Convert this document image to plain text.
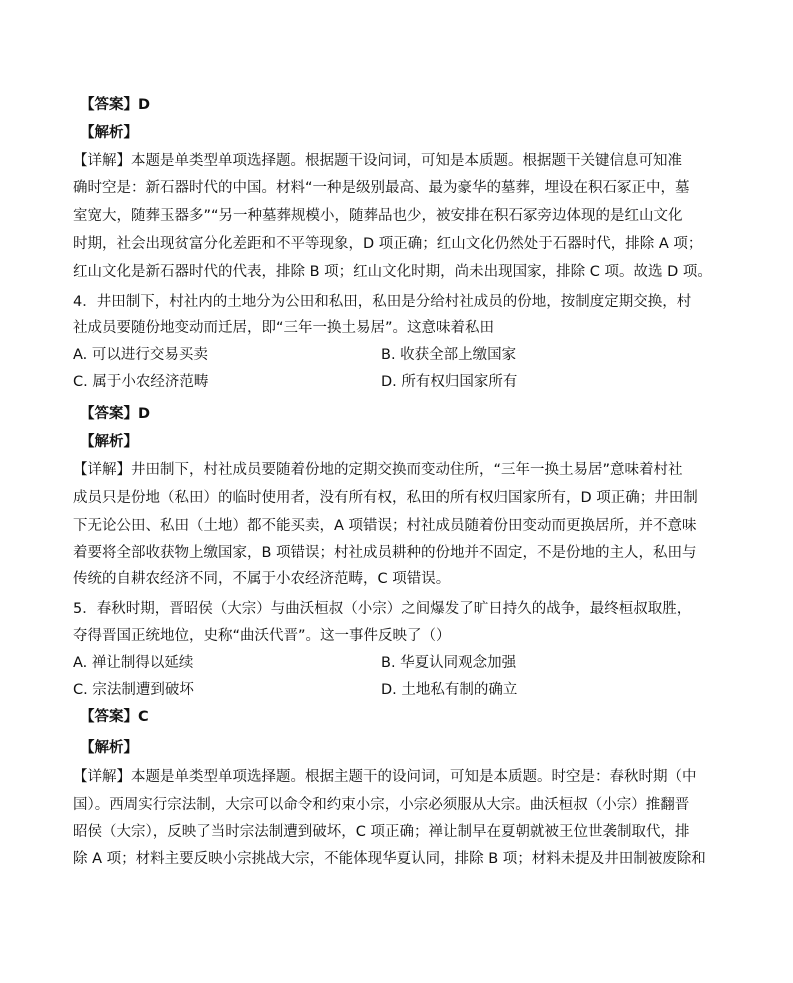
【答案】D
【解析】
【详解】本题是单类型单项选择题。根据题干设问词，可知是本质题。根据题干关键信息可知准
确时空是：新石器时代的中国。材料“一种是级别最高、最为豪华的墓葬，埋设在积石冢正中，墓
室宽大，随葬玉器多”“另一种墓葬规模小，随葬品也少，被安排在积石冢旁边体现的是红山文化
时期，社会出现贫富分化差距和不平等现象，D 项正确；红山文化仍然处于石器时代，排除 A 项；
红山文化是新石器时代的代表，排除 B 项；红山文化时期，尚未出现国家，排除 C 项。故选 D 项。
4．井田制下，村社内的土地分为公田和私田，私田是分给村社成员的份地，按制度定期交换，村
社成员要随份地变动而迁居，即“三年一换土易居”。这意味着私田
A. 可以进行交易买卖	B. 收获全部上缴国家
C. 属于小农经济范畴	D. 所有权归国家所有
【答案】D
【解析】
【详解】井田制下，村社成员要随着份地的定期交换而变动住所，“三年一换土易居”意味着村社
成员只是份地（私田）的临时使用者，没有所有权，私田的所有权归国家所有，D 项正确；井田制
下无论公田、私田（土地）都不能买卖，A 项错误；村社成员随着份田变动而更换居所，并不意味
着要将全部收获物上缴国家，B 项错误；村社成员耕种的份地并不固定，不是份地的主人，私田与
传统的自耕农经济不同，不属于小农经济范畴，C 项错误。
5．春秋时期，晋昭侯（大宗）与曲沃桓叔（小宗）之间爆发了旷日持久的战争，最终桓叔取胜，
夺得晋国正统地位，史称“曲沃代晋”。这一事件反映了（）
A. 禅让制得以延续	B. 华夏认同观念加强
C. 宗法制遭到破坏	D. 土地私有制的确立
【答案】C
【解析】
【详解】本题是单类型单项选择题。根据主题干的设问词，可知是本质题。时空是：春秋时期（中
国）。西周实行宗法制，大宗可以命令和约束小宗，小宗必须服从大宗。曲沃桓叔（小宗）推翻晋
昭侯（大宗），反映了当时宗法制遭到破坏，C 项正确；禅让制早在夏朝就被王位世袭制取代，排
除 A 项；材料主要反映小宗挑战大宗，不能体现华夏认同，排除 B 项；材料未提及井田制被废除和
